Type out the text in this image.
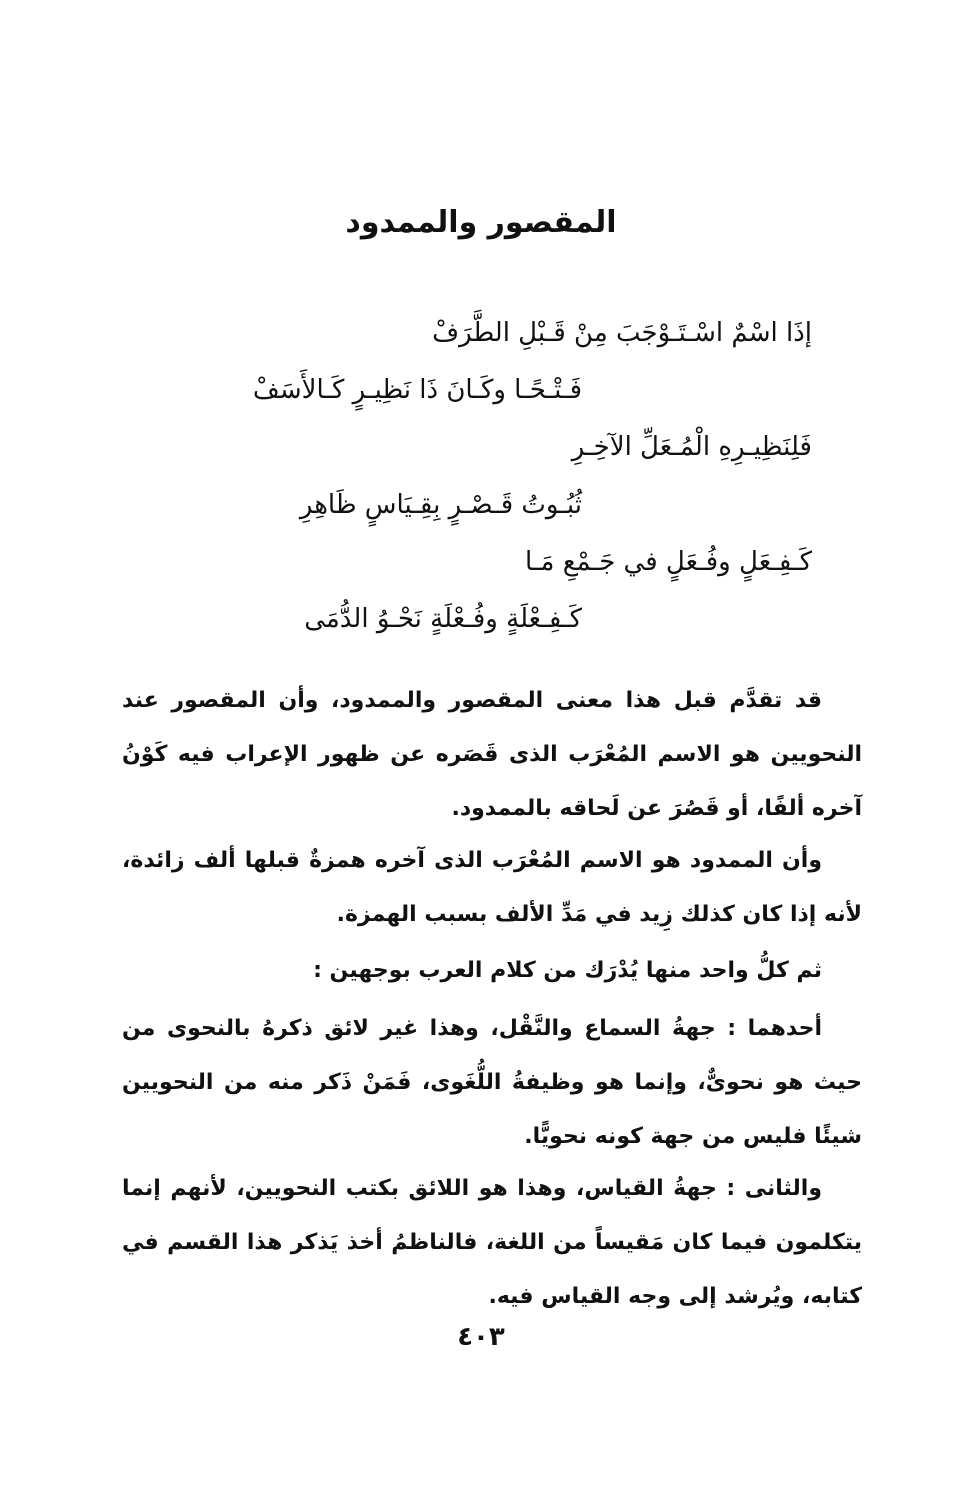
المقصور والممدود
إذَا اسْمٌ اسْـتَـوْجَبَ مِنْ قَـبْلِ الطَّرَفْ
فَـتْـحًـا وكَـانَ ذَا نَظِيـرٍ كَـالأَسَفْ
فَلِنَظِيـرِهِ الْمُـعَلِّ الآخِـرِ
ثُبُـوتُ قَـصْـرٍ بِقِـيَاسٍ ظَاهِرِ
كَـفِـعَلٍ وفُـعَلٍ في جَـمْعِ مَـا
كَـفِـعْلَةٍ وفُـعْلَةٍ نَحْـوُ الدُّمَى

قد تقدَّم قبل هذا معنى المقصور والممدود، وأن المقصور عند النحويين هو الاسم المُعْرَب الذى قَصَره عن ظهور الإعراب فيه كَوْنُ آخره ألفًا، أو قَصُرَ عن لَحاقه بالممدود.

وأن الممدود هو الاسم المُعْرَب الذى آخره همزةٌ قبلها ألف زائدة، لأنه إذا كان كذلك زِيد في مَدِّ الألف بسبب الهمزة.

ثم كلُّ واحد منها يُدْرَك من كلام العرب بوجهين :

أحدهما : جهةُ السماع والنَّقْل، وهذا غير لائق ذكرهُ بالنحوى من حيث هو نحوىٌّ، وإنما هو وظيفةُ اللُّغَوى، فَمَنْ ذَكر منه من النحويين شيئًا فليس من جهة كونه نحويًّا.

والثانى : جهةُ القياس، وهذا هو اللائق بكتب النحويين، لأنهم إنما يتكلمون فيما كان مَقيساً من اللغة، فالناظمُ أخذ يَذكر هذا القسم في كتابه، ويُرشد إلى وجه القياس فيه.

٤٠٣
